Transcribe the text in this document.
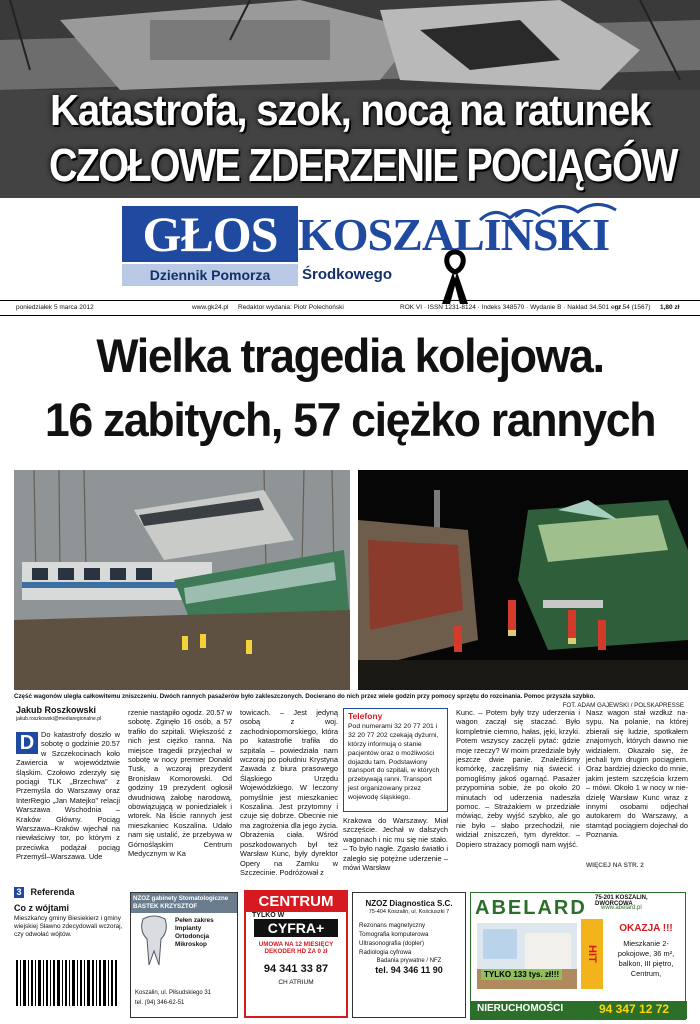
Katastrofa, szok, nocą na ratunek
CZOŁOWE ZDERZENIE POCIĄGÓW
GŁOS KOSZALIŃSKI
Dziennik Pomorza	Środkowego
poniedziałek 5 marca 2012	www.gk24.pl Redaktor wydania: Piotr Polechoński	ROK VI · ISSN 1231-8124 · Indeks 348570 · Wydanie B · Nakład 34.501 egz.
nr 54 (1567) 1,80 zł
Wielka tragedia kolejowa.
16 zabitych, 57 ciężko rannych
Część wagonów uległa całkowitemu zniszczeniu. Dwóch rannych pasażerów było zakleszczonych. Docierano do nich przez wiele godzin przy pomocy sprzętu do rozcinania. Pomoc przyszła szybko.
FOT. ADAM GAJEWSKI / POLSKAPRESSE
Jakub Roszkowski
jakub.roszkowski@mediaregionalne.pl
D Do katastrofy doszło w sobotę o godzinie 20.57 w Szczekocinach koło Zawiercia w województwie śląskim. Czołowo zderzyły się pociągi TLK „Brzechwa" z Przemyśla do Warszawy oraz InterRegio „Jan Matejko" relacji Warszawa Wschodnia – Kraków Główny. Pociąg Warszawa–Kraków wjechał na niewłaściwy tor, po którym z przeciwka podążał pociąg Przemyśl–Warszawa. Ude
rzenie nastąpiło ogodz. 20.57 w sobotę. Zginęło 16 osób, a 57 trafiło do szpitali. Większość z nich jest ciężko ranna. Na miejsce tragedii przyjechał w sobotę w nocy premier Donald Tusk, a wczoraj prezydent Bronisław Komorowski. Od godziny 19 prezydent ogłosił dwudniową żałobę narodową, obowiązującą w poniedziałek i wtorek. Na liście rannych jest mieszkaniec Koszalina. Udało nam się ustalić, że przebywa w Górnośląskim Centrum Medycznym w Ka
towicach. – Jest jedyną osobą z woj. zachodniopomorskiego, która po katastrofie trafiła do szpitala – powiedziała nam wczoraj po południu Krystyna Zawada z biura prasowego Śląskiego Urzędu Wojewódzkiego. W leczony pomyślnie jest mieszkaniec Koszalina. Jest przytomny i czuje się dobrze. Obecnie nie ma zagrożenia dla jego życia. Obrażenia ciała. Wśród poszkodowanych był też Warsław Kunc, były dyrektor Opery na Zamku w Szczecinie. Podróżował z
Telefony
Pod numerami 32 20 77 201 i 32 20 77 202 czekają dyżurni, którzy informują o stanie pacjentów oraz o możliwości dojazdu tam. Podstawiony transport do szpitali, w których przebywają ranni. Transport jest organizowany przez wojewodę śląskiego.
Krakowa do Warszawy. Miał szczęście. Jechał w dalszych wagonach i nic mu się nie stało. – To było nagłe. Zgasło światło i zaległo się potężne uderzenie – mówi Warsław
Kunc. – Potem były trzy uderzenia i wagon zaczął się staczać. Było kompletnie ciemno, hałas, jęki, krzyki. Potem wszyscy zaczęli pytać: gdzie moje rzeczy? W moim przedziale były jeszcze dwie panie. Znaleźliśmy komórkę, zaczęliśmy nią świecić i pomogliśmy jakoś ogarnąć. Pasażer przypomina sobie, że po około 20 minutach od uderzenia nadeszła pomoc. – Strażakiem w przedziałe mówiąc, żeby wyjść szybko, ale go nie było – słabo przechodził, nie widział zniszczeń, tym dyrektor. – Dopiero strażacy pomogli nam wyjść.
Nasz wagon stał wzdłuż nasypu. Na polanie, na której zbierali się ludzie, spotkałem znajomych, których dawno nie widziałem. Okazało się, że jechali tym drugim pociągiem. Oraz bardziej dziecko do mnie, jakim jestem szczęścia krzem – mówi. Około 1 w nocy w niedzielę Warsław Kunc wraz z innymi osobami odjechał autokarem do Warszawy, a stamtąd pociągiem dojechał do Poznania.
WIĘCEJ NA STR. 2
3 Referenda
Co z wójtami
Mieszkańcy gminy Biesiekierz i gminy wiejskiej Sławno zdecydowali wczoraj, czy odwołać wójtów.
NZOZ gabinety Stomatologiczne BASTEK KRZYSZTOF
Pełen zakres
Implanty
Ortodoncja
Mikroskop
Koszalin, ul. Piłsudskiego 31
tel. (94) 346-62-51
CENTRUM
TYLKO W
CYFRA+
UMOWA NA 12 MIESIĘCY
DEKODER HD ZA 0 zł
94 341 33 87
CH ATRIUM
NZOZ Diagnostica S.C.
75-404 Koszalin, ul. Kościuszki 7
Rezonans magnetyczny
Tomografia komputerowa
Ultrasonografia (dopler)
Radiologia cyfrowa
Badania prywatne / NFZ
tel. 94 346 11 90
ABELARD 75-201 KOSZALIN, DWORCOWA
www.abelard.pl
TYLKO 133 tys. zł!!!
HIT
OKAZJA !!!
Mieszkanie 2-pokojowe, 36 m², balkon, III piętro, Centrum,
NIERUCHOMOŚCI	94 347 12 72
